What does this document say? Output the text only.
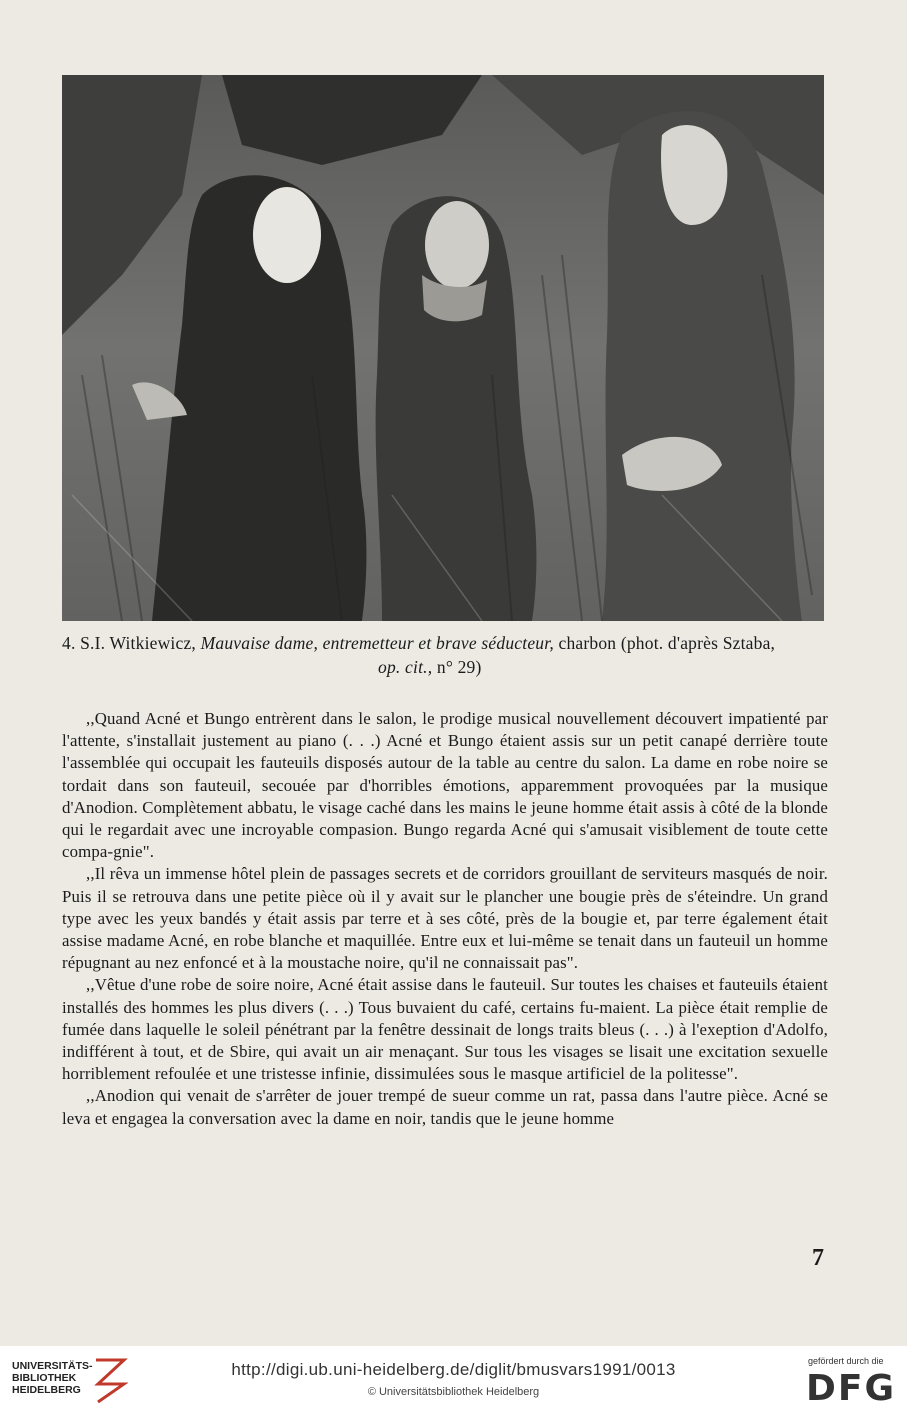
4. S.I. Witkiewicz, Mauvaise dame, entremetteur et brave séducteur, charbon (phot. d'après Sztaba,
op. cit., n° 29)

,,Quand Acné et Bungo entrèrent dans le salon, le prodige musical nouvellement découvert impatienté par l'attente, s'installait justement au piano (. . .) Acné et Bungo étaient assis sur un petit canapé derrière toute l'assemblée qui occupait les fauteuils disposés autour de la table au centre du salon. La dame en robe noire se tordait dans son fauteuil, secouée par d'horribles émotions, apparemment provoquées par la musique d'Anodion. Complètement abbatu, le visage caché dans les mains le jeune homme était assis à côté de la blonde qui le regardait avec une incroyable compasion. Bungo regarda Acné qui s'amusait visiblement de toute cette compa-gnie".

,,Il rêva un immense hôtel plein de passages secrets et de corridors grouillant de serviteurs masqués de noir. Puis il se retrouva dans une petite pièce où il y avait sur le plancher une bougie près de s'éteindre. Un grand type avec les yeux bandés y était assis par terre et à ses côté, près de la bougie et, par terre également était assise madame Acné, en robe blanche et maquillée. Entre eux et lui-même se tenait dans un fauteuil un homme répugnant au nez enfoncé et à la moustache noire, qu'il ne connaissait pas".

,,Vêtue d'une robe de soire noire, Acné était assise dans le fauteuil. Sur toutes les chaises et fauteuils étaient installés des hommes les plus divers (. . .) Tous buvaient du café, certains fu-maient. La pièce était remplie de fumée dans laquelle le soleil pénétrant par la fenêtre dessinait de longs traits bleus (. . .) à l'exeption d'Adolfo, indifférent à tout, et de Sbire, qui avait un air menaçant. Sur tous les visages se lisait une excitation sexuelle horriblement refoulée et une tristesse infinie, dissimulées sous le masque artificiel de la politesse".

,,Anodion qui venait de s'arrêter de jouer trempé de sueur comme un rat, passa dans l'autre pièce. Acné se leva et engagea la conversation avec la dame en noir, tandis que le jeune homme

7
UNIVERSITÄTS-
BIBLIOTHEK
HEIDELBERG
http://digi.ub.uni-heidelberg.de/diglit/bmusvars1991/0013
© Universitätsbibliothek Heidelberg
gefördert durch die
DFG
